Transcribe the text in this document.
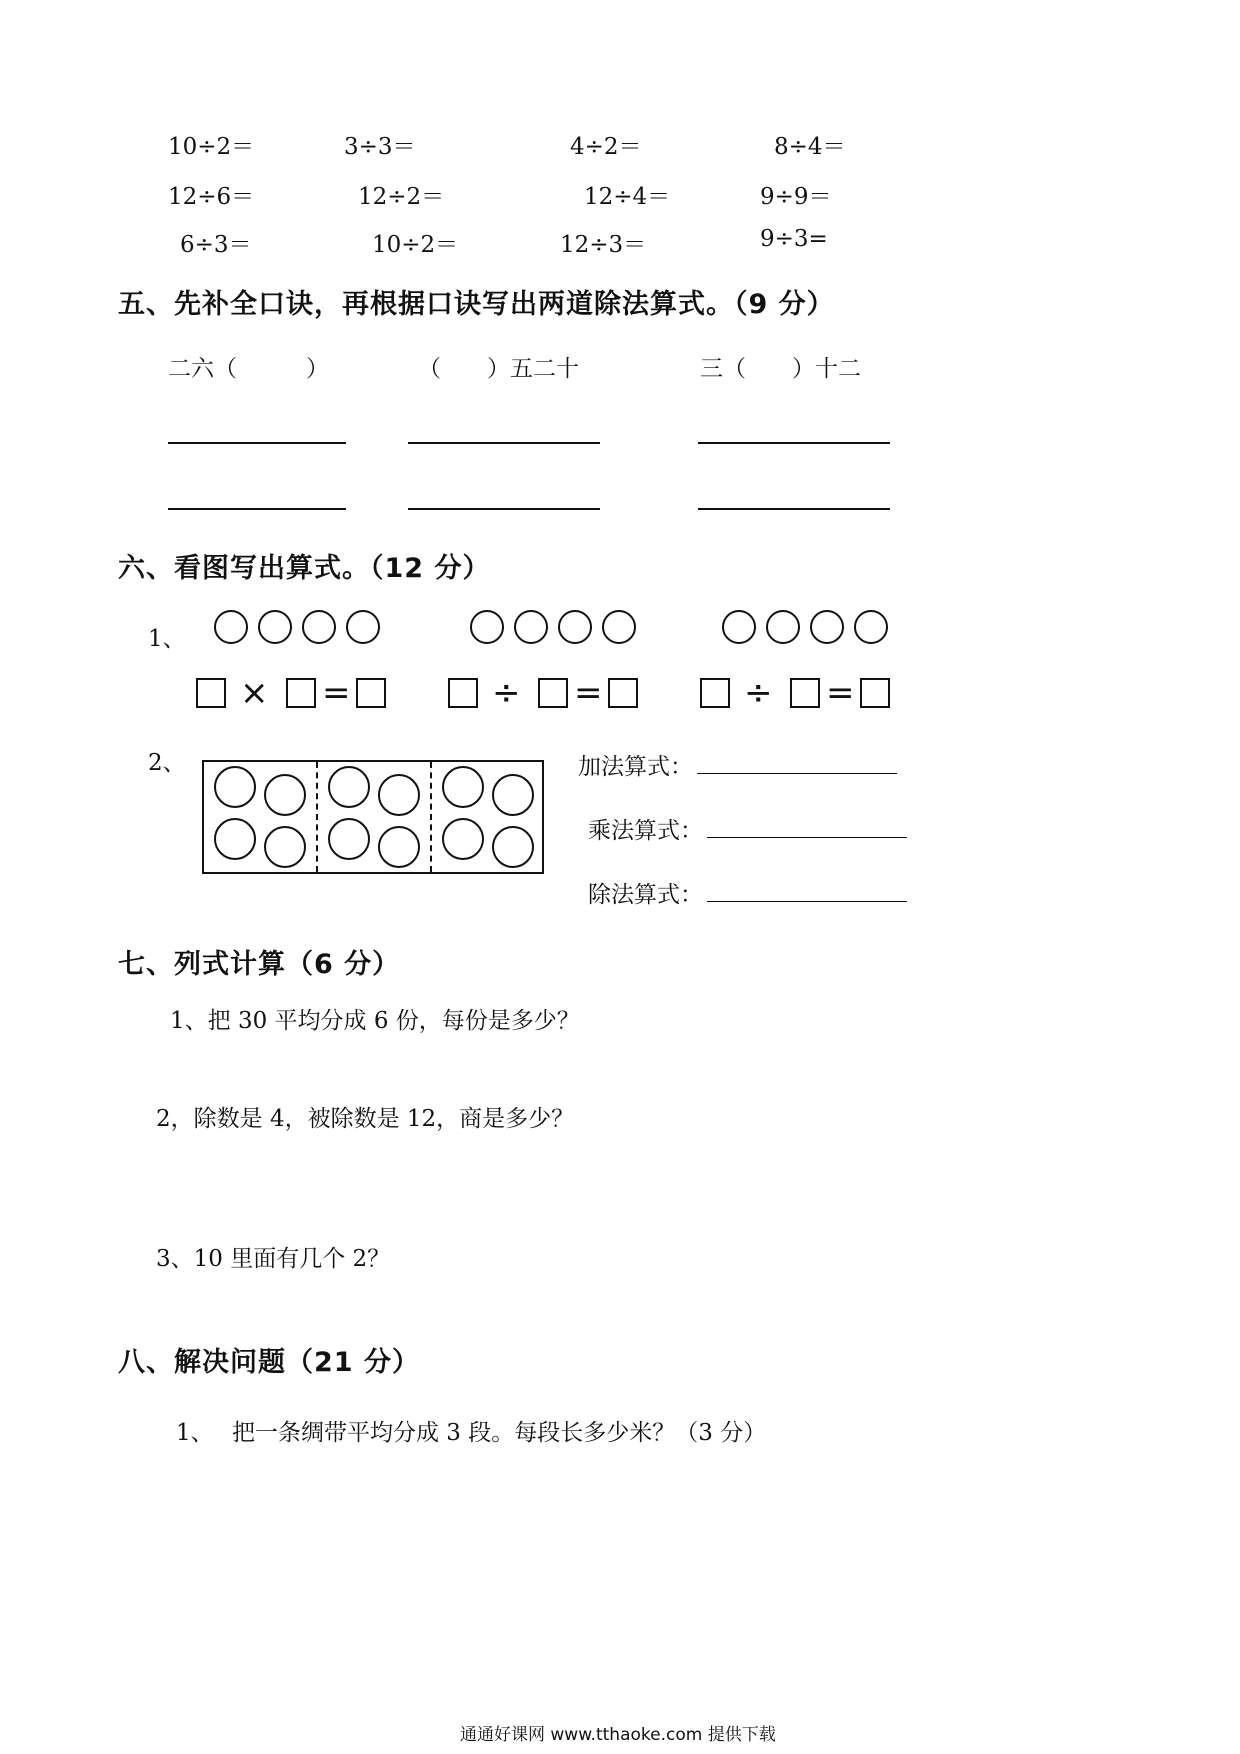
10÷2＝	3÷3＝	4÷2＝	8÷4＝
12÷6＝	12÷2＝	12÷4＝	9÷9＝
6÷3＝	10÷2＝	12÷3＝	9÷3=
五、先补全口诀，再根据口诀写出两道除法算式。（9 分）
二六（　　　）	（　　）五二十	三（　　）十二
六、看图写出算式。（12 分）
1、
× =	÷ =	÷ =
2、	加法算式：
乘法算式：
除法算式：
七、列式计算（6 分）
1、把 30 平均分成 6 份，每份是多少？
2，除数是 4，被除数是 12，商是多少？
3、10 里面有几个 2？
八、解决问题（21 分）
1、 把一条绸带平均分成 3 段。每段长多少米？（3 分）
通通好课网 www.tthaoke.com 提供下载
